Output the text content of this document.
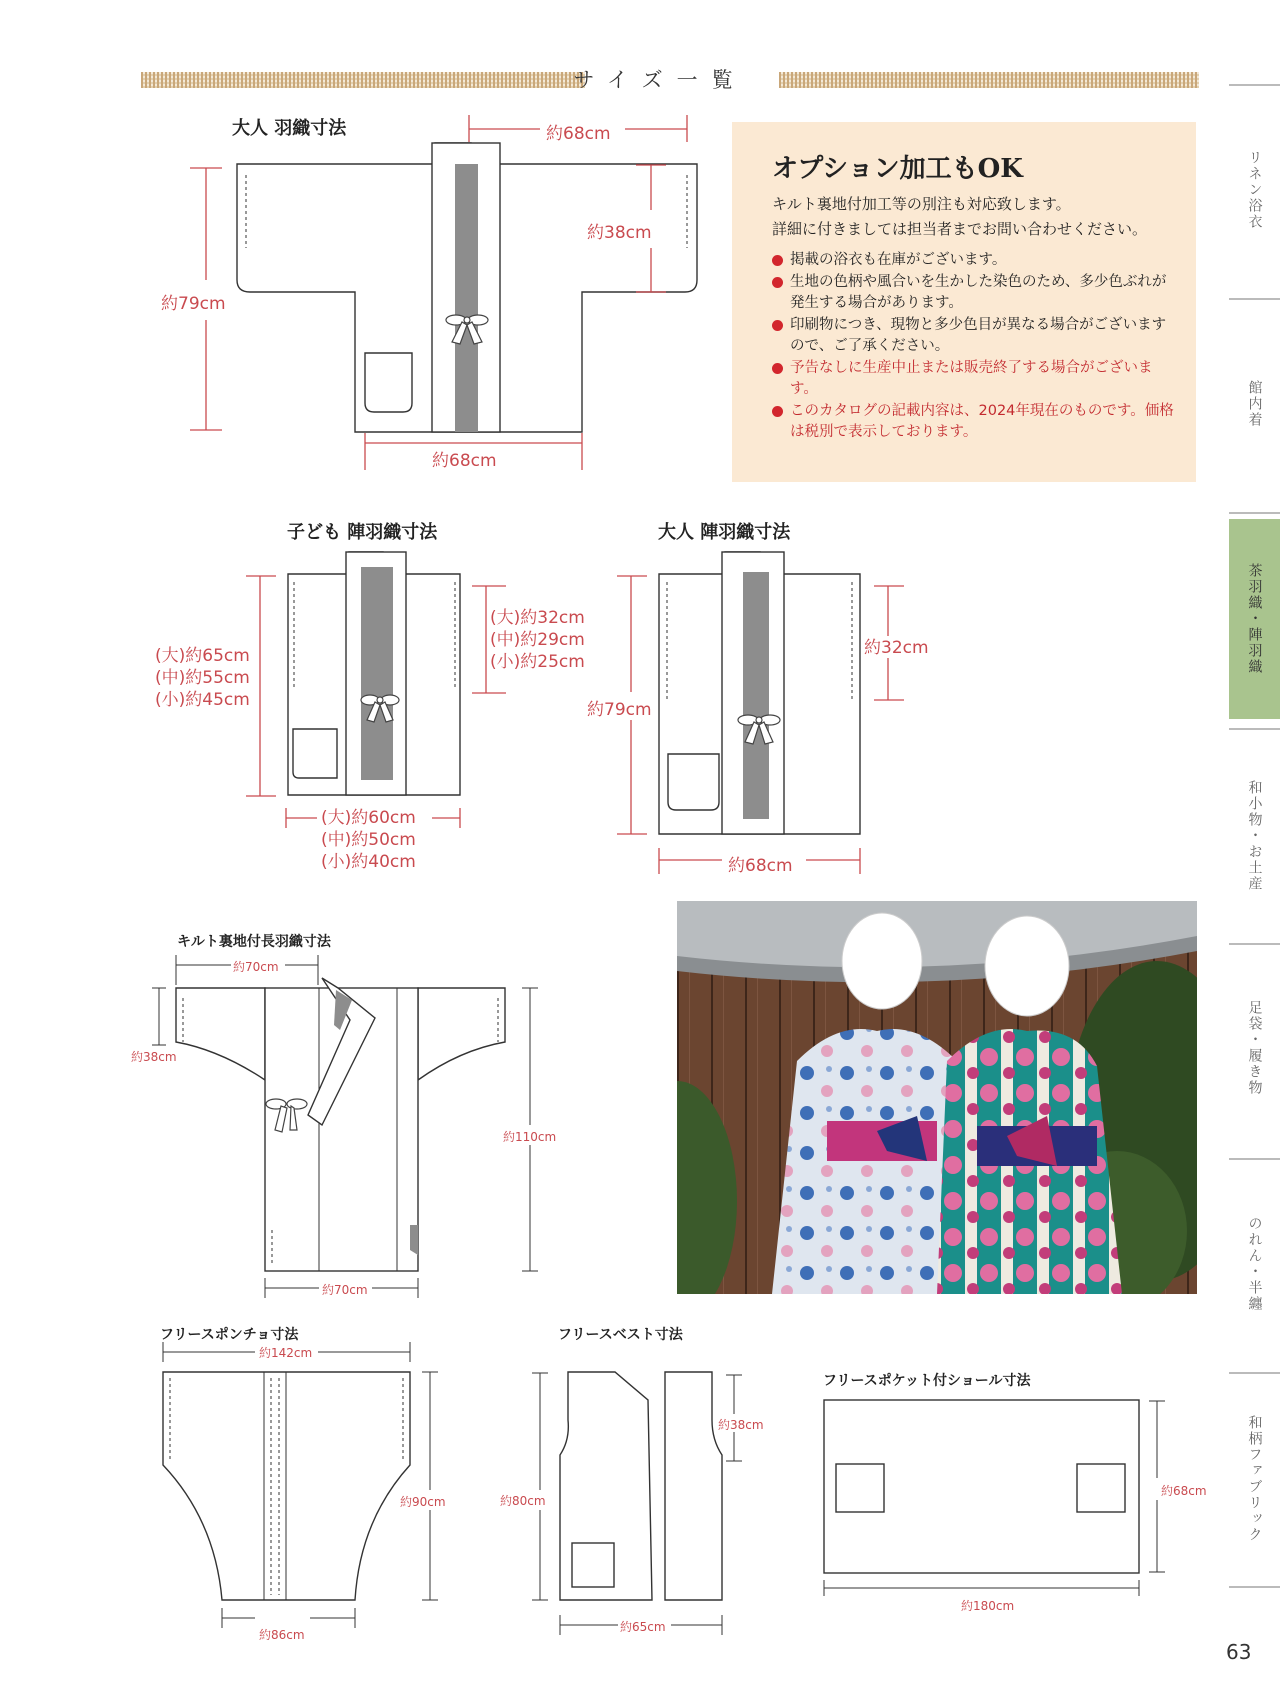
サイズ一覧
大人 羽織寸法	約68cm
約38cm
約79cm
約68cm
オプション加工もOK
キルト裏地付加工等の別注も対応致します。
詳細に付きましては担当者までお問い合わせください。
掲載の浴衣も在庫がございます。
生地の色柄や風合いを生かした染色のため、多少色ぶれが発生する場合があります。
印刷物につき、現物と多少色目が異なる場合がございますので、ご了承ください。
予告なしに生産中止または販売終了する場合がございます。
このカタログの記載内容は、2024年現在のものです。価格は税別で表示しております。
子ども 陣羽織寸法
(大)約32cm
(中)約29cm
(小)約25cm
(大)約65cm
(中)約55cm
(小)約45cm
(大)約60cm
(中)約50cm
(小)約40cm
大人 陣羽織寸法
約32cm
約79cm
約68cm
キルト裏地付長羽織寸法
約70cm
約38cm
約110cm
約70cm
フリースポンチョ寸法
約142cm
約90cm
約86cm
フリースベスト寸法
約38cm
約80cm
約65cm
フリースポケット付ショール寸法
約68cm
約180cm
リネン浴衣
館内着
茶羽織・陣羽織
和小物・お土産
足袋・履き物
のれん・半纏
和柄ファブリック
63
